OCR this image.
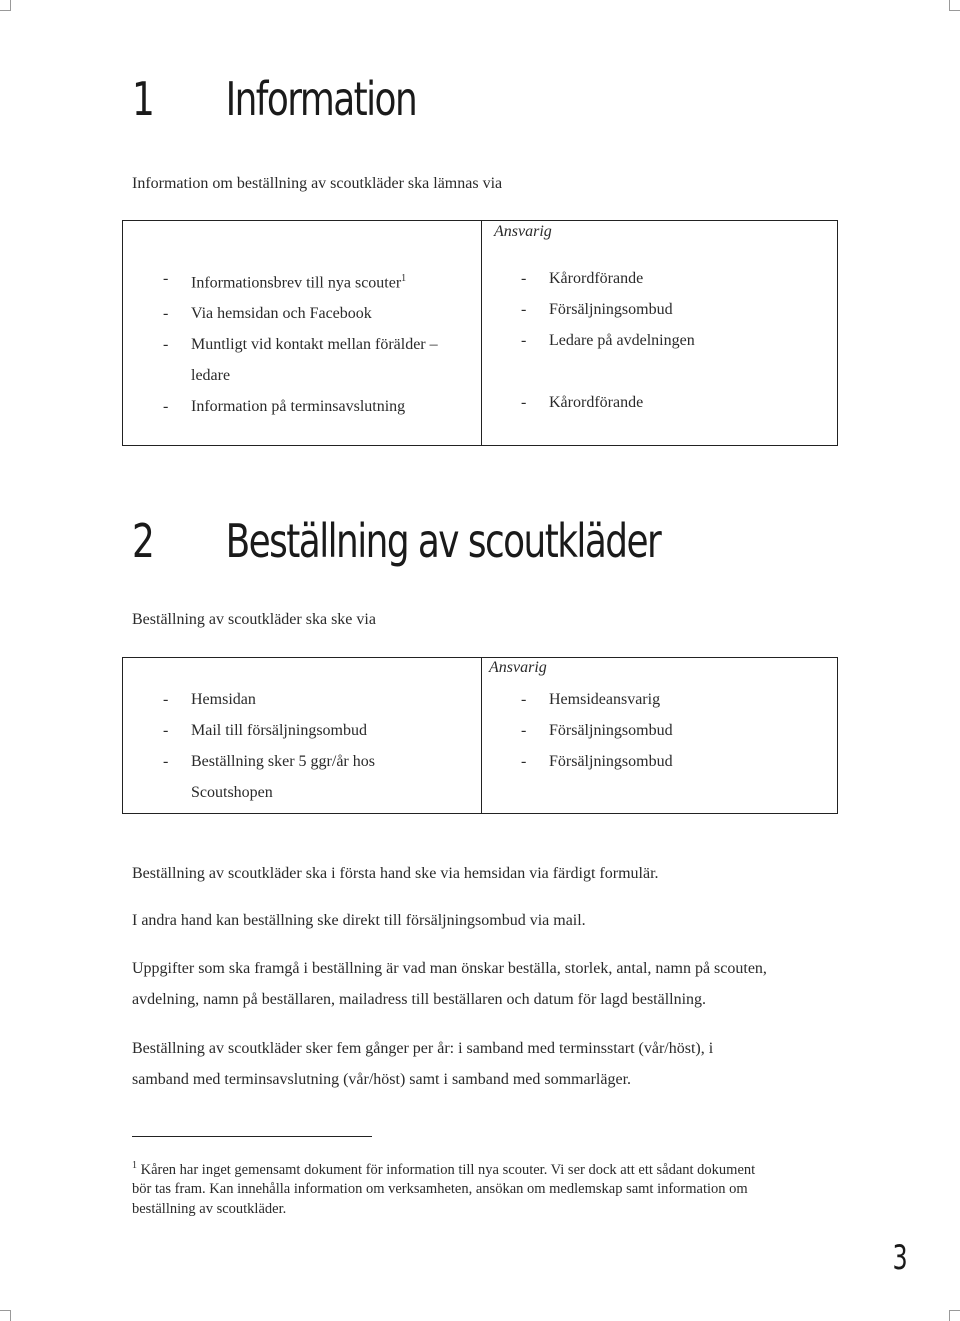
1 Information
Information om beställning av scoutkläder ska lämnas via
Ansvarig
- Informationsbrev till nya scouter$^1$
- Via hemsidan och Facebook
- Muntligt vid kontakt mellan förälder –
ledare
- Information på terminsavslutning
- Kårordförande
- Försäljningsombud
- Ledare på avdelningen

- Kårordförande
2 Beställning av scoutkläder
Beställning av scoutkläder ska ske via
Ansvarig
- Hemsidan
- Mail till försäljningsombud
- Beställning sker 5 ggr/år hos
Scoutshopen
- Hemsideansvarig
- Försäljningsombud
- Försäljningsombud
Beställning av scoutkläder ska i första hand ske via hemsidan via färdigt formulär.
I andra hand kan beställning ske direkt till försäljningsombud via mail.
Uppgifter som ska framgå i beställning är vad man önskar beställa, storlek, antal, namn på scouten,
avdelning, namn på beställaren, mailadress till beställaren och datum för lagd beställning.
Beställning av scoutkläder sker fem gånger per år: i samband med terminsstart (vår/höst), i
samband med terminsavslutning (vår/höst) samt i samband med sommarläger.
$^1$ Kåren har inget gemensamt dokument för information till nya scouter. Vi ser dock att ett sådant dokument
bör tas fram. Kan innehålla information om verksamheten, ansökan om medlemskap samt information om
beställning av scoutkläder.
3
